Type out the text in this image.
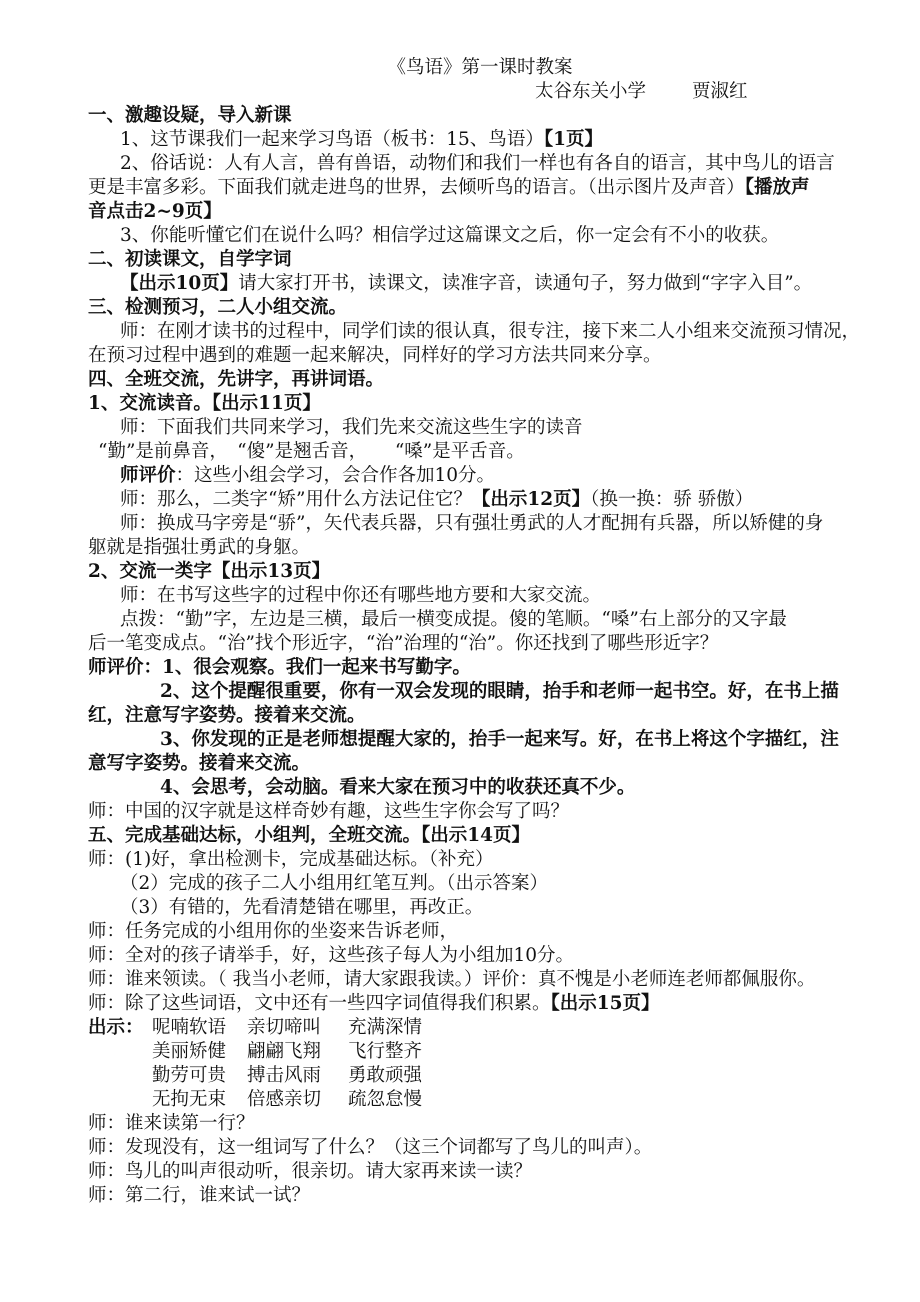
《鸟语》第一课时教案
太谷东关小学 贾淑红
一、激趣设疑，导入新课
1、这节课我们一起来学习鸟语（板书：15、鸟语）【1页】
2、俗话说：人有人言，兽有兽语，动物们和我们一样也有各自的语言，其中鸟儿的语言
更是丰富多彩。下面我们就走进鸟的世界，去倾听鸟的语言。（出示图片及声音）【播放声
音点击2~9页】
3、你能听懂它们在说什么吗？相信学过这篇课文之后，你一定会有不小的收获。
二、初读课文，自学字词
【出示10页】请大家打开书，读课文，读准字音，读通句子，努力做到“字字入目”。
三、检测预习，二人小组交流。
师：在刚才读书的过程中，同学们读的很认真，很专注，接下来二人小组来交流预习情况，
在预习过程中遇到的难题一起来解决，同样好的学习方法共同来分享。
四、全班交流，先讲字，再讲词语。
1、交流读音。【出示11页】
师：下面我们共同来学习，我们先来交流这些生字的读音
“勤”是前鼻音，　“傻”是翘舌音，　　“嗓”是平舌音。
师评价：这些小组会学习，会合作各加10分。
师：那么，二类字“矫”用什么方法记住它？【出示12页】（换一换：骄 骄傲）
师：换成马字旁是“骄”，矢代表兵器，只有强壮勇武的人才配拥有兵器，所以矫健的身
躯就是指强壮勇武的身躯。
2、交流一类字【出示13页】
师：在书写这些字的过程中你还有哪些地方要和大家交流。
点拨：“勤”字，左边是三横，最后一横变成提。傻的笔顺。“嗓”右上部分的又字最
后一笔变成点。“治”找个形近字，“治”治理的“治”。你还找到了哪些形近字？
师评价：1、很会观察。我们一起来书写勤字。
2、这个提醒很重要，你有一双会发现的眼睛，抬手和老师一起书空。好，在书上描
红，注意写字姿势。接着来交流。
3、你发现的正是老师想提醒大家的，抬手一起来写。好，在书上将这个字描红，注
意写字姿势。接着来交流。
4、会思考，会动脑。看来大家在预习中的收获还真不少。
师：中国的汉字就是这样奇妙有趣，这些生字你会写了吗？
五、完成基础达标，小组判，全班交流。【出示14页】
师：(1)好，拿出检测卡，完成基础达标。（补充）
（2）完成的孩子二人小组用红笔互判。（出示答案）
（3）有错的，先看清楚错在哪里，再改正。
师：任务完成的小组用你的坐姿来告诉老师，
师：全对的孩子请举手，好，这些孩子每人为小组加10分。
师：谁来领读。（ 我当小老师，请大家跟我读。）评价：真不愧是小老师连老师都佩服你。
师：除了这些词语，文中还有一些四字词值得我们积累。【出示15页】
出示： 呢喃软语 亲切啼叫 充满深情
美丽矫健 翩翩飞翔 飞行整齐
勤劳可贵 搏击风雨 勇敢顽强
无拘无束 倍感亲切 疏忽怠慢
师：谁来读第一行？
师：发现没有，这一组词写了什么？（这三个词都写了鸟儿的叫声）。
师：鸟儿的叫声很动听，很亲切。请大家再来读一读？
师：第二行，谁来试一试？
